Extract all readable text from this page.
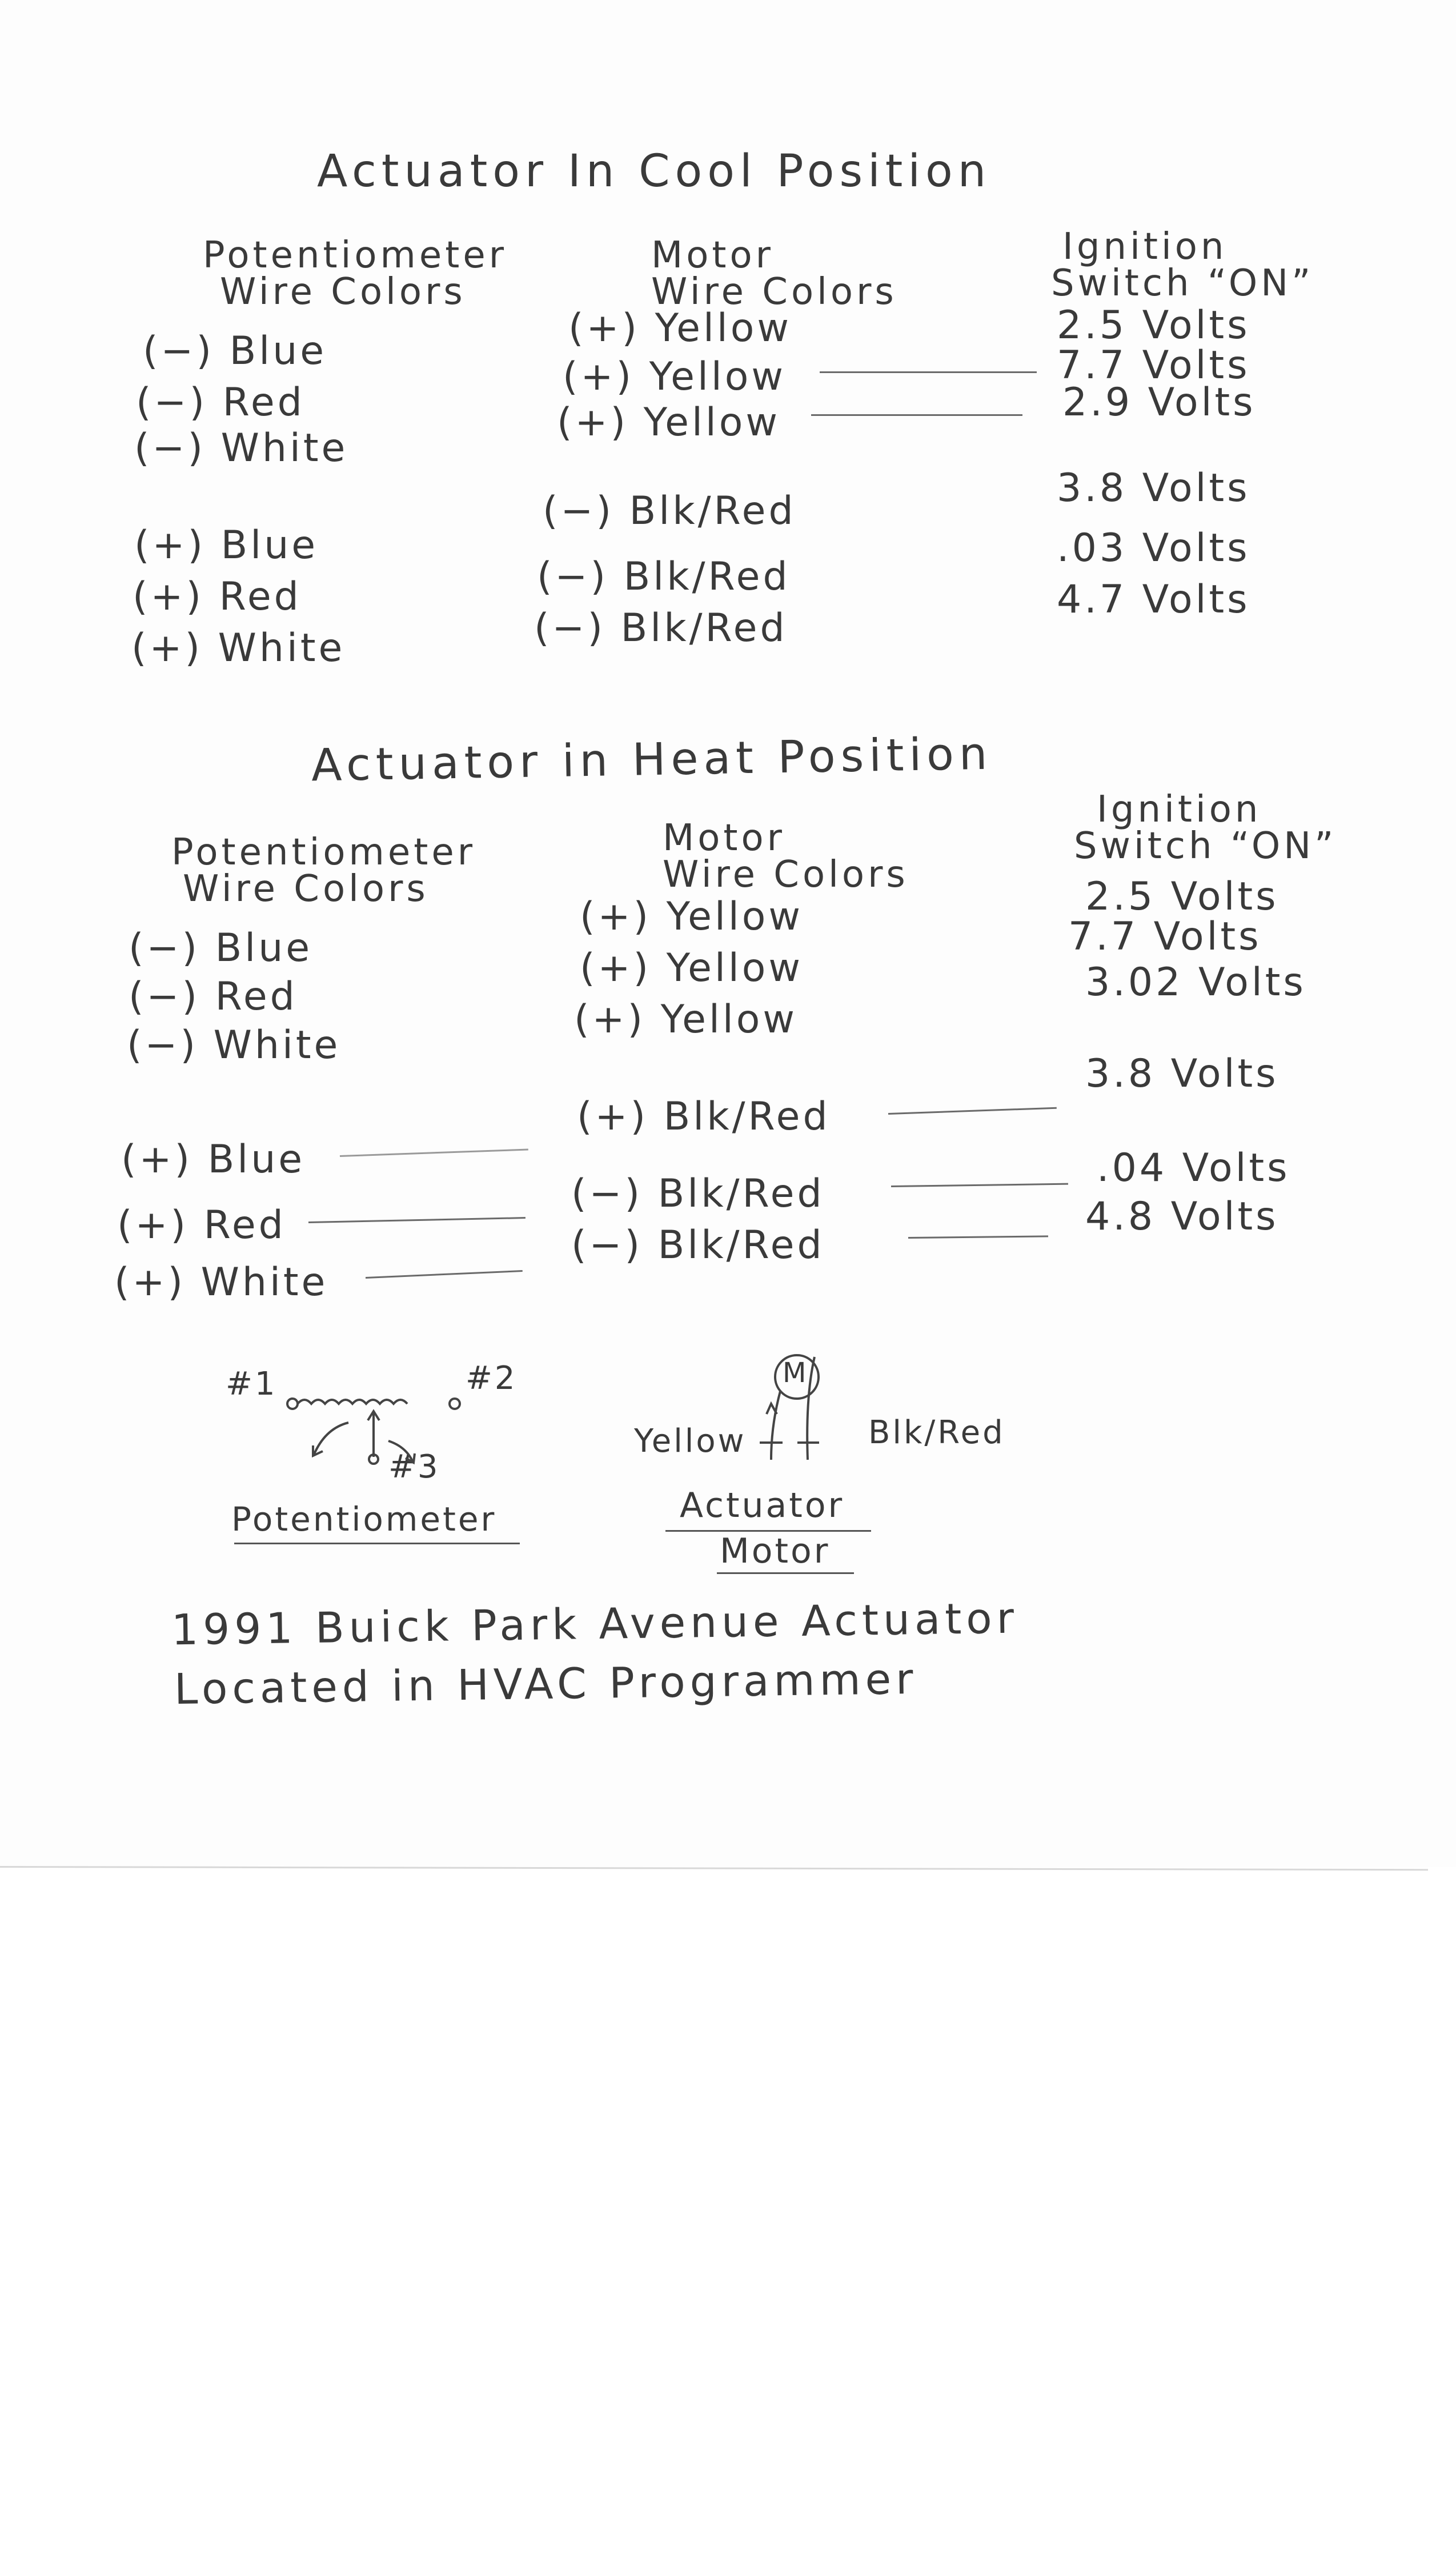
Actuator In Cool Position
Potentiometer
Wire Colors
Motor
Wire Colors
Ignition
Switch “ON”
(−) Blue
(−) Red
(−) White
(+) Blue
(+) Red
(+) White
(+) Yellow
(+) Yellow
(+) Yellow
(−) Blk/Red
(−) Blk/Red
(−) Blk/Red
2.5 Volts
7.7 Volts
2.9 Volts
3.8 Volts
.03 Volts
4.7 Volts
Actuator in Heat Position
Potentiometer
Wire Colors
Motor
Wire Colors
Ignition
Switch “ON”
(−) Blue
(−) Red
(−) White
(+) Blue
(+) Red
(+) White
(+) Yellow
(+) Yellow
(+) Yellow
(+) Blk/Red
(−) Blk/Red
(−) Blk/Red
2.5 Volts
7.7 Volts
3.02 Volts
3.8 Volts
.04 Volts
4.8 Volts
#1	#2
#3
Potentiometer
M
Yellow	Blk/Red
Actuator
Motor
1991 Buick Park Avenue Actuator
Located in HVAC Programmer
